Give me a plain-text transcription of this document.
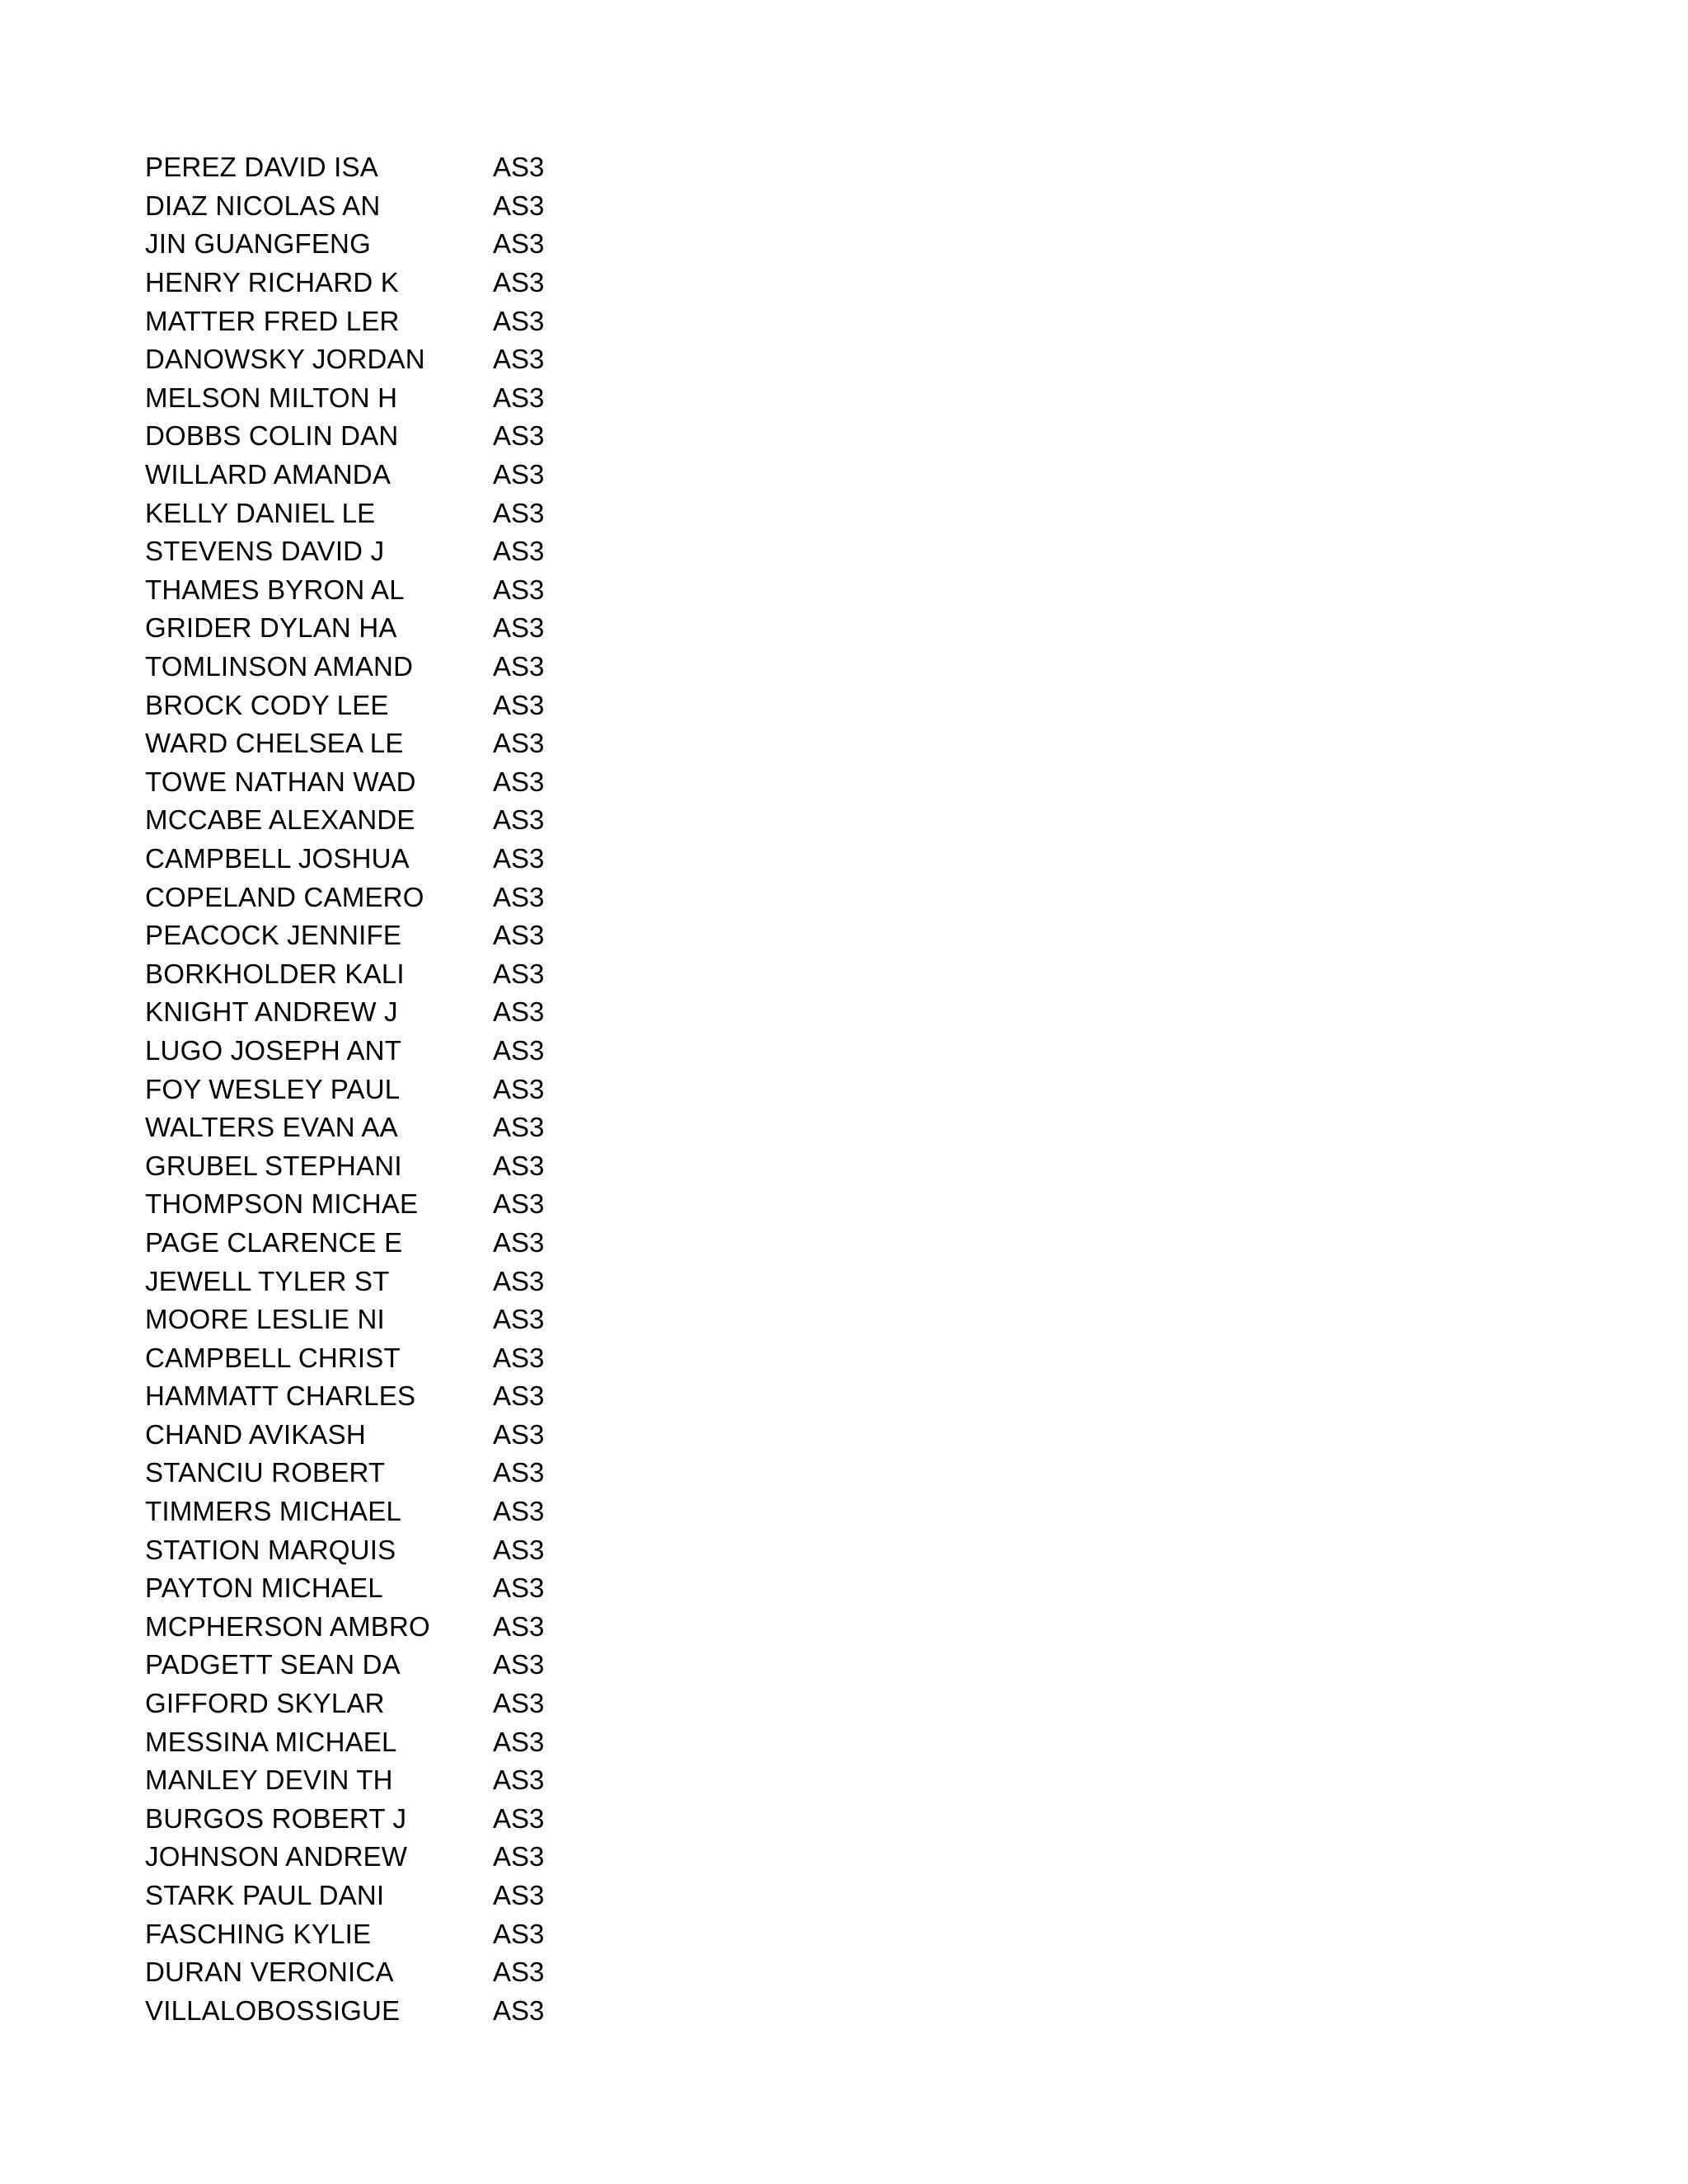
PEREZ DAVID ISA	AS3
DIAZ NICOLAS AN	AS3
JIN GUANGFENG	AS3
HENRY RICHARD K	AS3
MATTER FRED LER	AS3
DANOWSKY JORDAN	AS3
MELSON MILTON H	AS3
DOBBS COLIN DAN	AS3
WILLARD AMANDA	AS3
KELLY DANIEL LE	AS3
STEVENS DAVID J	AS3
THAMES BYRON AL	AS3
GRIDER DYLAN HA	AS3
TOMLINSON AMAND	AS3
BROCK CODY LEE	AS3
WARD CHELSEA LE	AS3
TOWE NATHAN WAD	AS3
MCCABE ALEXANDE	AS3
CAMPBELL JOSHUA	AS3
COPELAND CAMERO	AS3
PEACOCK JENNIFE	AS3
BORKHOLDER KALI	AS3
KNIGHT ANDREW J	AS3
LUGO JOSEPH ANT	AS3
FOY WESLEY PAUL	AS3
WALTERS EVAN AA	AS3
GRUBEL STEPHANI	AS3
THOMPSON MICHAE	AS3
PAGE CLARENCE E	AS3
JEWELL TYLER ST	AS3
MOORE LESLIE NI	AS3
CAMPBELL CHRIST	AS3
HAMMATT CHARLES	AS3
CHAND AVIKASH	AS3
STANCIU ROBERT	AS3
TIMMERS MICHAEL	AS3
STATION MARQUIS	AS3
PAYTON MICHAEL	AS3
MCPHERSON AMBRO	AS3
PADGETT SEAN DA	AS3
GIFFORD SKYLAR	AS3
MESSINA MICHAEL	AS3
MANLEY DEVIN TH	AS3
BURGOS ROBERT J	AS3
JOHNSON ANDREW	AS3
STARK PAUL DANI	AS3
FASCHING KYLIE	AS3
DURAN VERONICA	AS3
VILLALOBOSSIGUE	AS3
